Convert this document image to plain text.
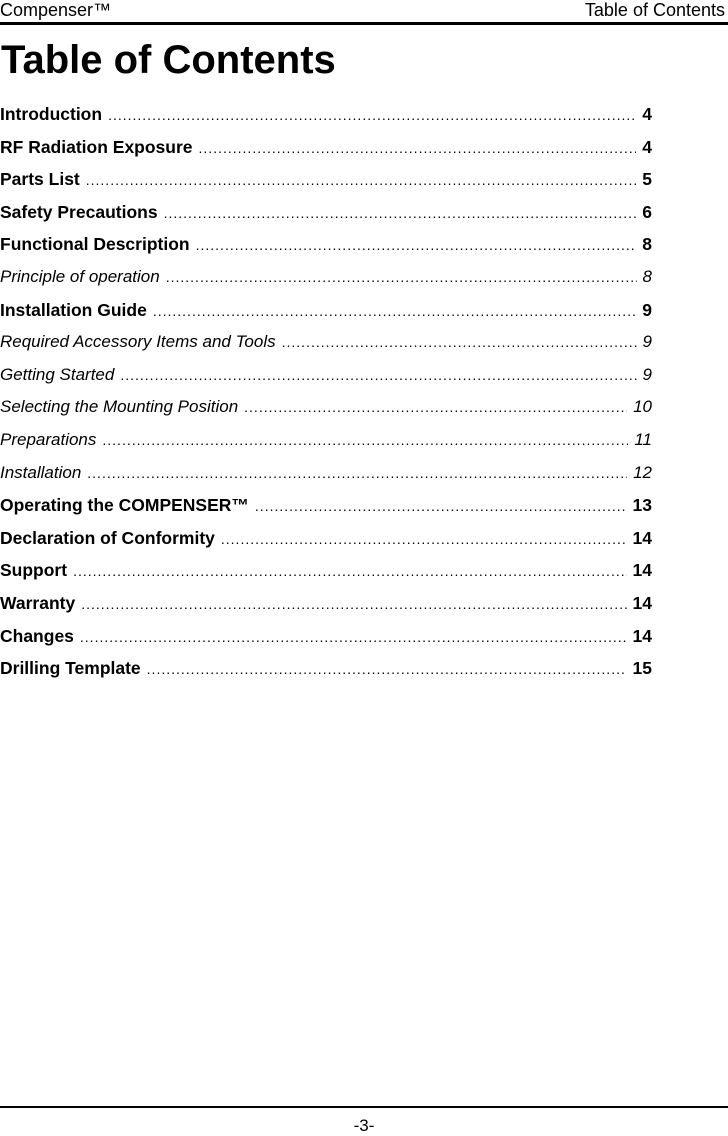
Compenser™	Table of Contents
Table of Contents
Introduction .....	4
RF Radiation Exposure .....	4
Parts List .....	5
Safety Precautions .....	6
Functional Description .....	8
Principle of operation .....	8
Installation Guide .....	9
Required Accessory Items and Tools .....	9
Getting Started .....	9
Selecting the Mounting Position .....	10
Preparations .....	11
Installation .....	12
Operating the COMPENSER™ .....	13
Declaration of Conformity .....	14
Support .....	14
Warranty .....	14
Changes .....	14
Drilling Template .....	15
-3-
